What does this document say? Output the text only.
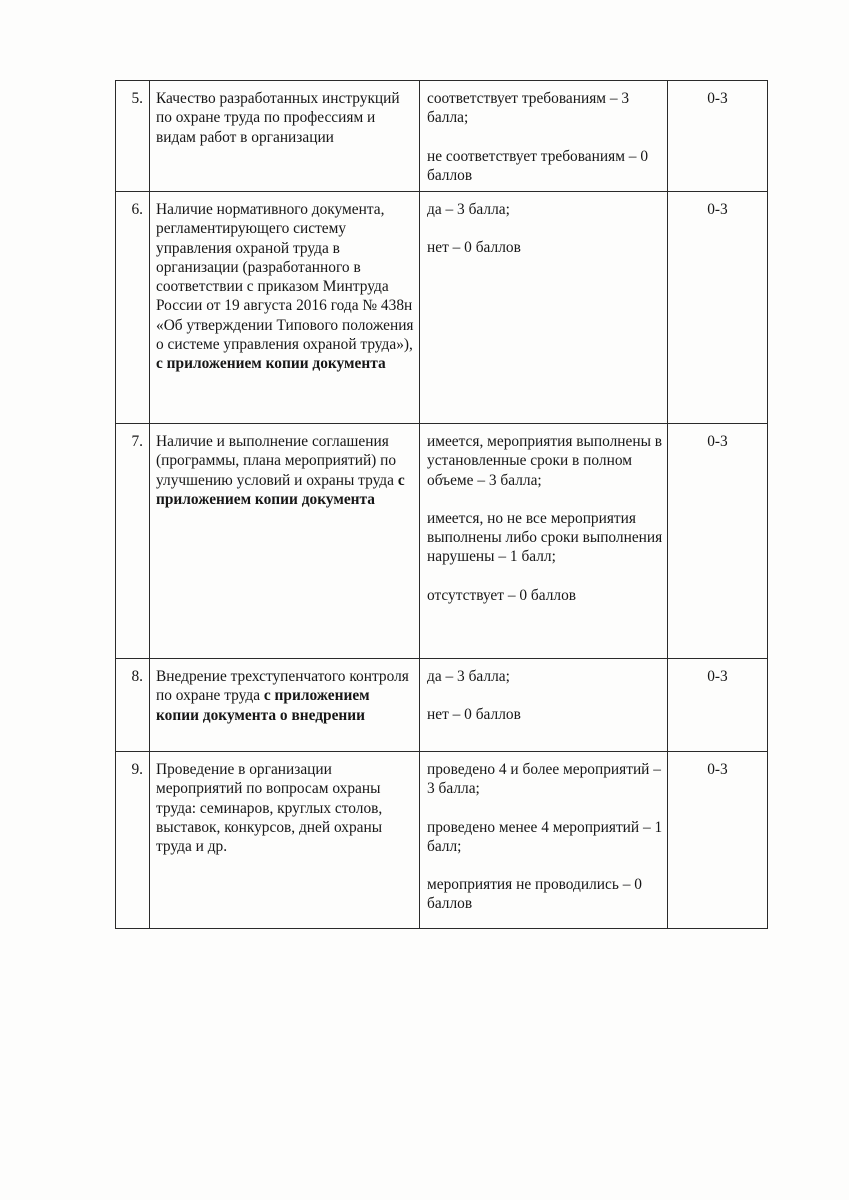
5.	Качество разработанных инструкций по охране труда по профессиям и видам работ в организации	соответствует требованиям – 3 балла;
не соответствует требованиям – 0 баллов	0-3
6.	Наличие нормативного документа, регламентирующего систему управления охраной труда в организации (разработанного в соответствии с приказом Минтруда России от 19 августа 2016 года № 438н «Об утверждении Типового положения о системе управления охраной труда»), с приложением копии документа	да – 3 балла;
нет – 0 баллов	0-3
7.	Наличие и выполнение соглашения (программы, плана мероприятий) по улучшению условий и охраны труда с приложением копии документа	имеется, мероприятия выполнены в установленные сроки в полном объеме – 3 балла;
имеется, но не все мероприятия выполнены либо сроки выполнения нарушены – 1 балл;
отсутствует – 0 баллов	0-3
8.	Внедрение трехступенчатого контроля по охране труда с приложением копии документа о внедрении	да – 3 балла;
нет – 0 баллов	0-3
9.	Проведение в организации мероприятий по вопросам охраны труда: семинаров, круглых столов, выставок, конкурсов, дней охраны труда и др.	проведено 4 и более мероприятий – 3 балла;
проведено менее 4 мероприятий – 1 балл;
мероприятия не проводились – 0 баллов	0-3
